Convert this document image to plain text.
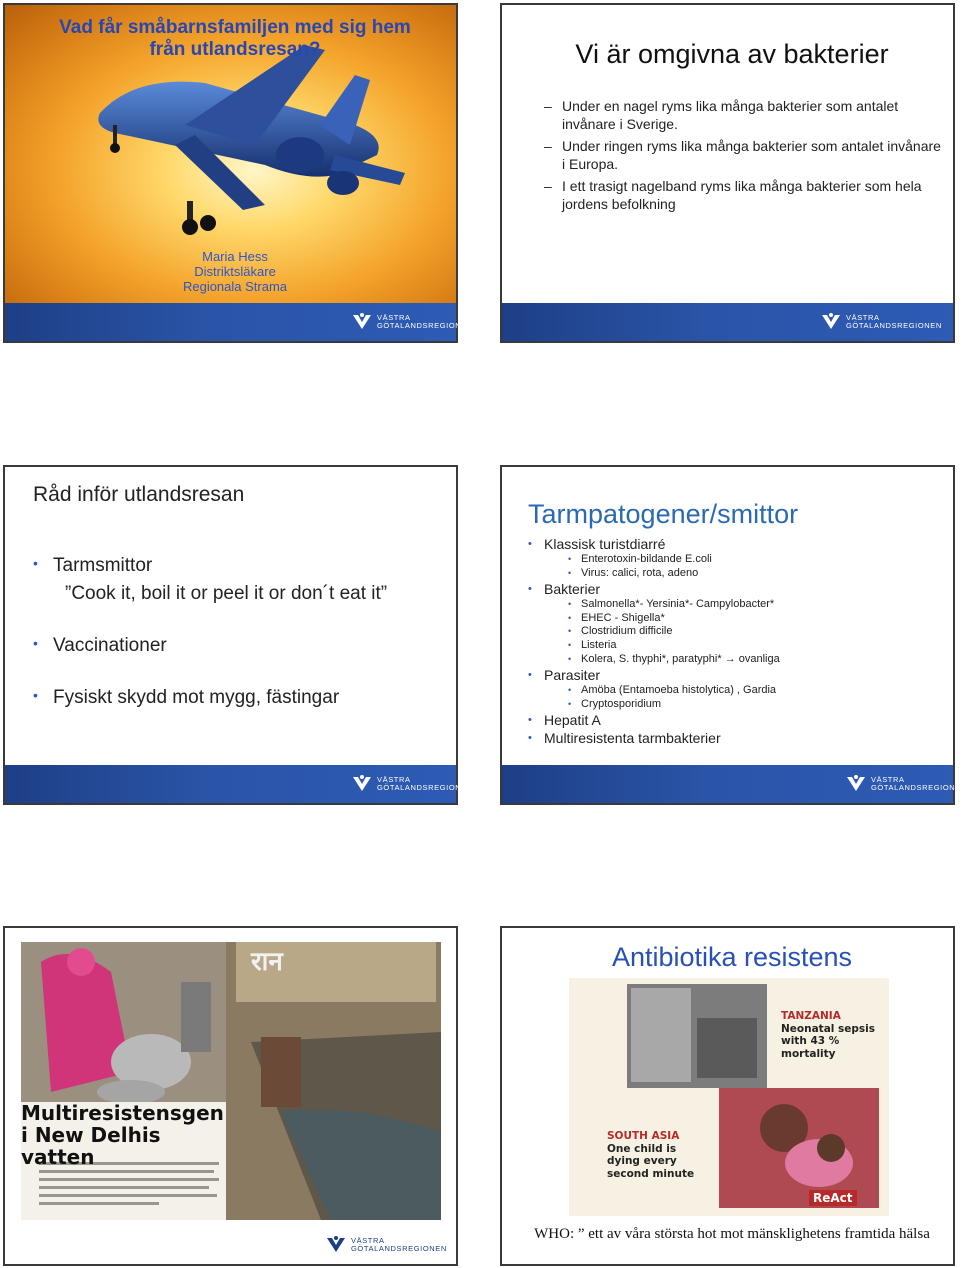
Vad får småbarnsfamiljen med sig hem
från utlandsresan?
Maria Hess
Distriktsläkare
Regionala Strama
VÄSTRA
GÖTALANDSREGIONEN
Vi är omgivna av bakterier
– Under en nagel ryms lika många bakterier som antalet invånare i Sverige.
– Under ringen ryms lika många bakterier som antalet invånare i Europa.
– I ett trasigt nagelband ryms lika många bakterier som hela jordens befolkning
VÄSTRA
GÖTALANDSREGIONEN
Råd inför utlandsresan
• Tarmsmittor
• Vaccinationer
• Fysiskt skydd mot mygg, fästingar
”Cook it, boil it or peel it or don´t eat it”
VÄSTRA
GÖTALANDSREGIONEN
Tarmpatogener/smittor
• Klassisk turistdiarré
• Enterotoxin-bildande E.coli
• Virus: calici, rota, adeno
• Bakterier
• Salmonella*- Yersinia*- Campylobacter*
• EHEC - Shigella*
• Clostridium difficile
• Listeria
• Kolera, S. thyphi*, paratyphi* → ovanliga
• Parasiter
• Amöba (Entamoeba histolytica) , Gardia
• Cryptosporidium
• Hepatit A
• Multiresistenta tarmbakterier
VÄSTRA
GÖTALANDSREGIONEN
रान
Multiresistensgen
i New Delhis vatten
VÄSTRA
GÖTALANDSREGIONEN
Antibiotika resistens
TANZANIA
Neonatal sepsis
with 43 %
mortality
SOUTH ASIA
One child is
dying every
second minute
ReAct
WHO: ” ett av våra största hot mot mänsklighetens framtida hälsa
